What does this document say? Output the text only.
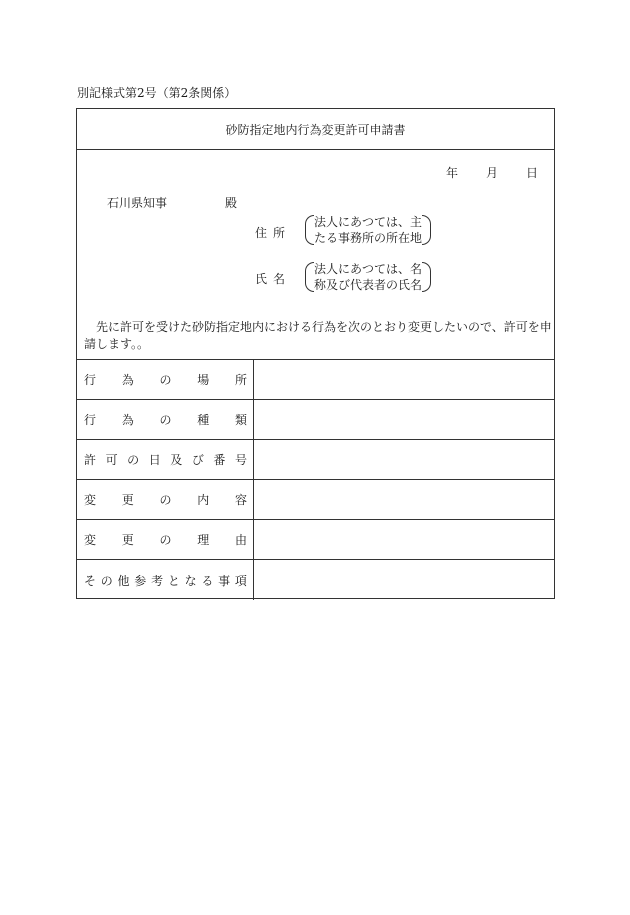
別記様式第2号（第2条関係）
砂防指定地内行為変更許可申請書
年 月 日
石川県知事	殿
住 所
法人にあつては、主
たる事務所の所在地
氏 名
法人にあつては、名
称及び代表者の氏名
先に許可を受けた砂防指定地内における行為を次のとおり変更したいので、許可を申請します。。
行 為 の 場 所
行 為 の 種 類
許 可 の 日 及 び 番 号
変 更 の 内 容
変 更 の 理 由
そ の 他 参 考 と な る 事 項
